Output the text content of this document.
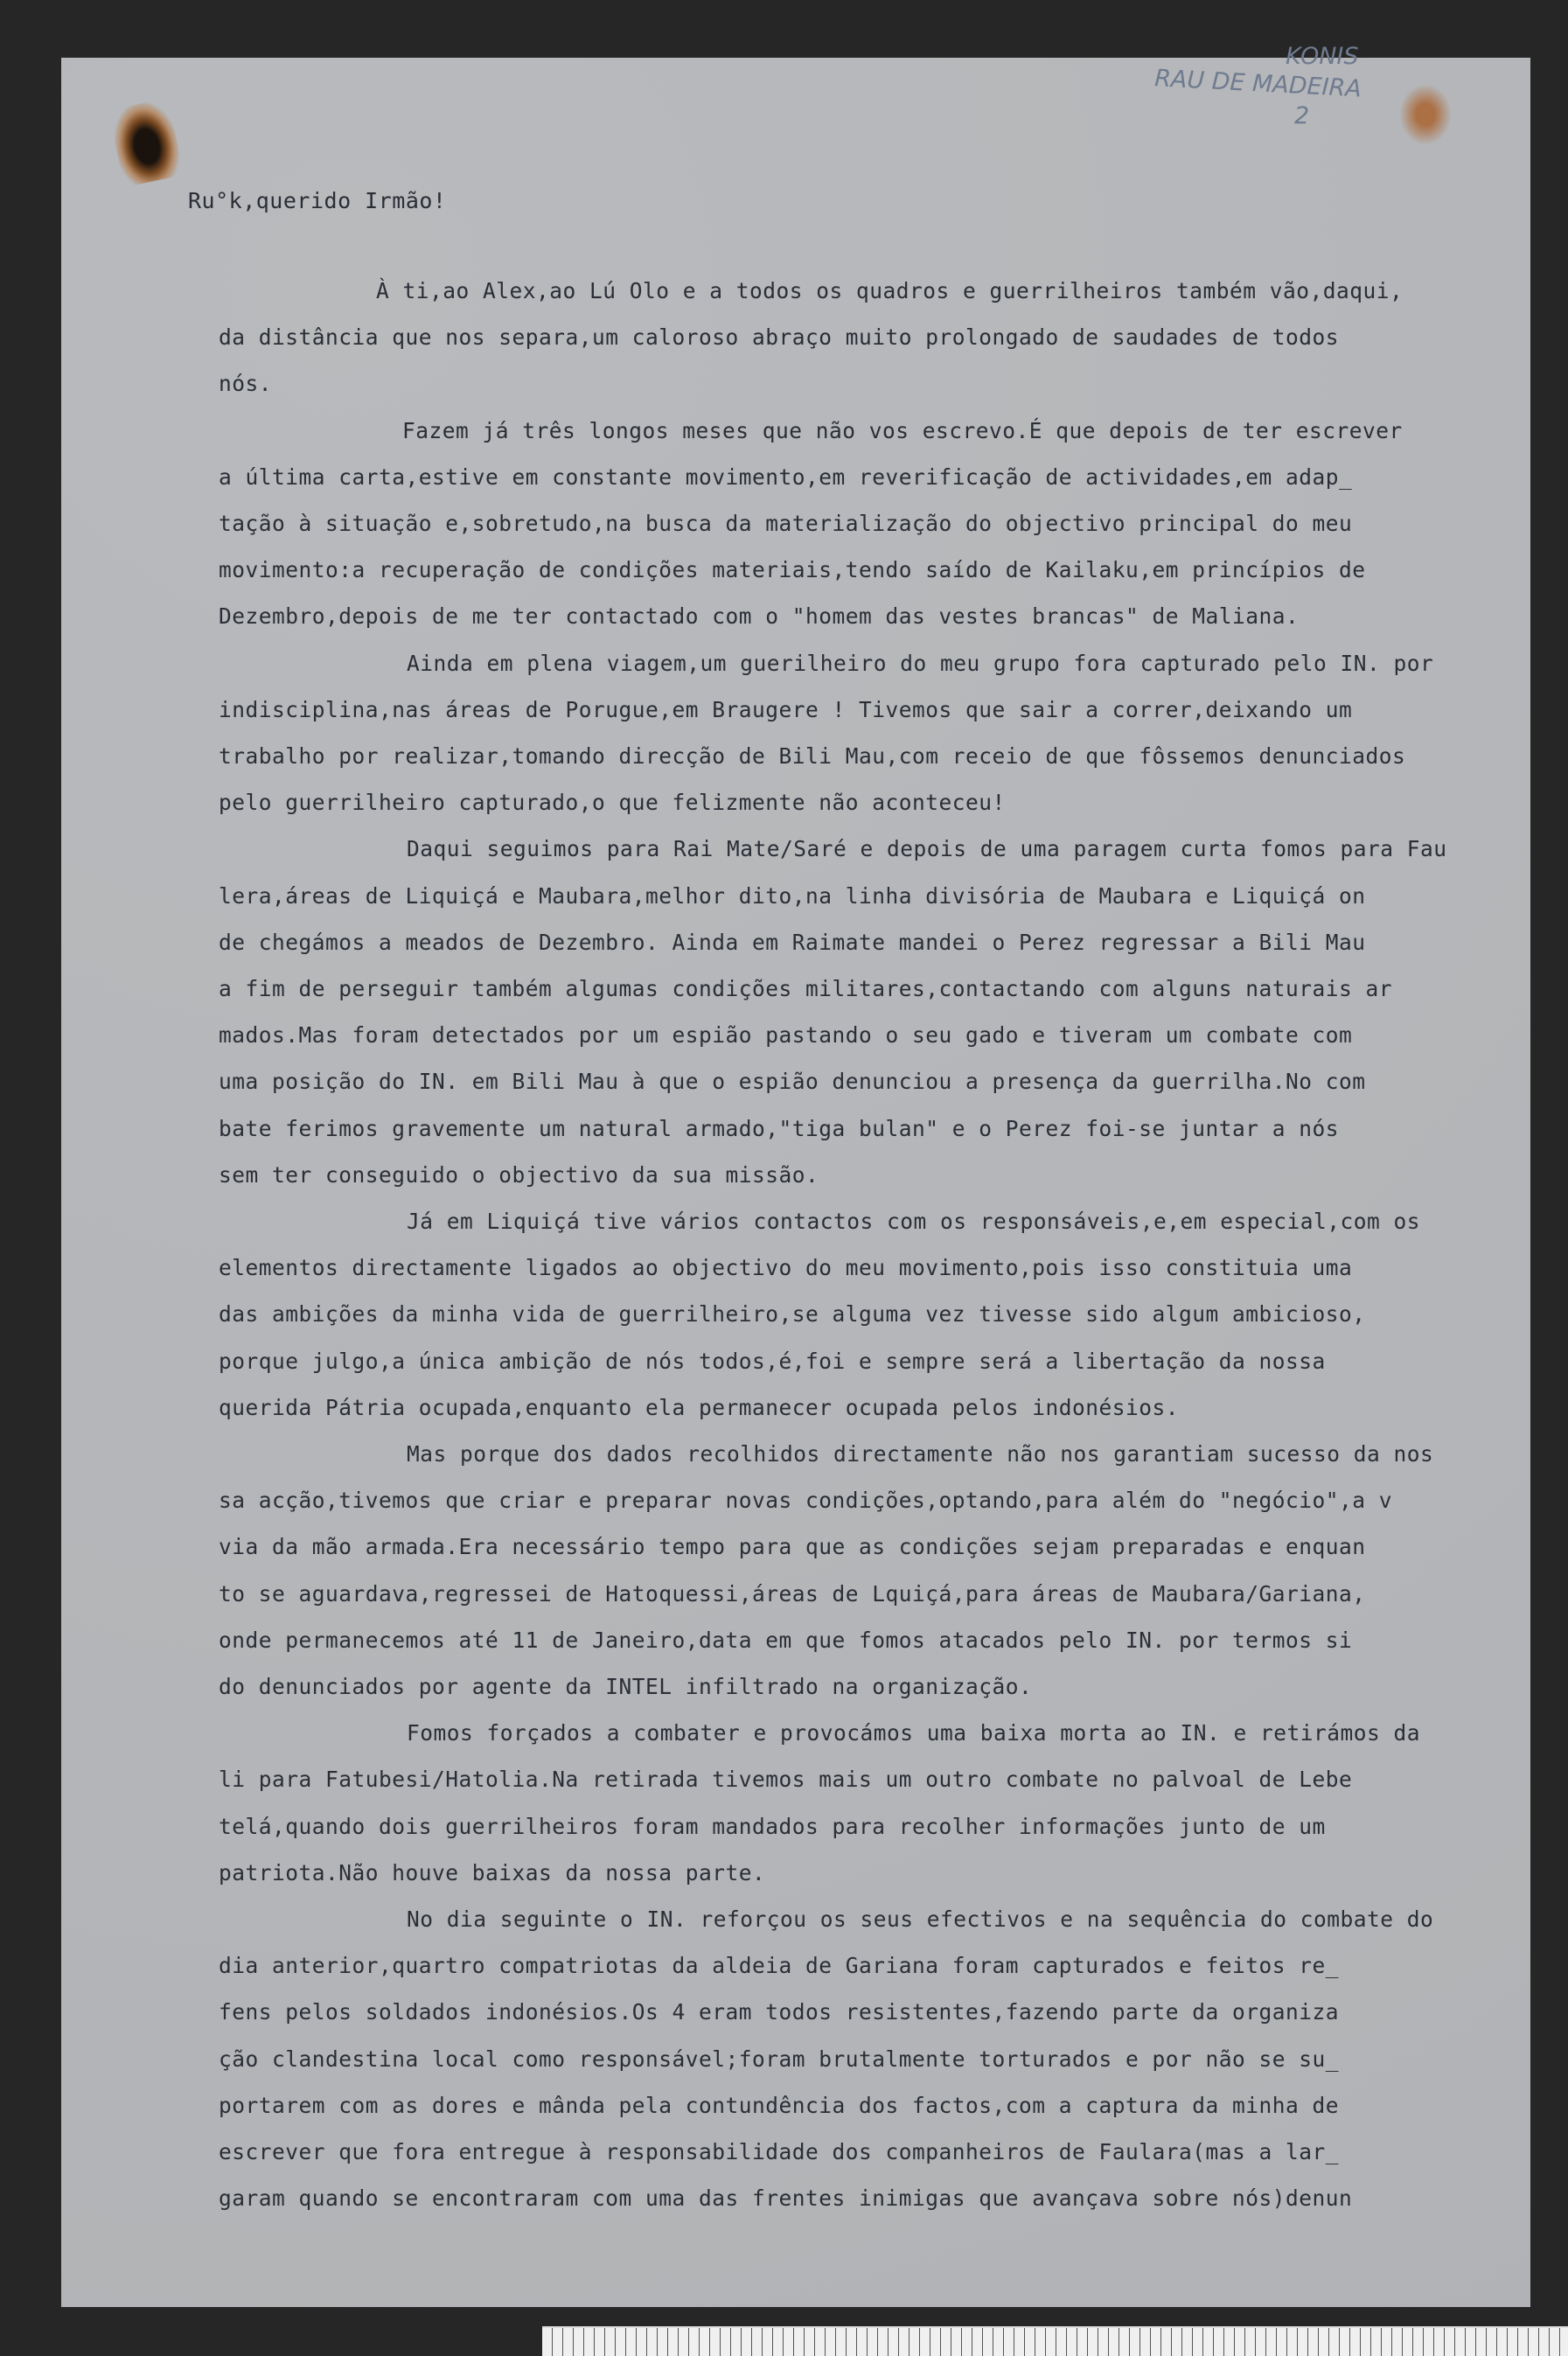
KONIS
RAU DE MADEIRA
2
Ru°k,querido Irmão!

À ti,ao Alex,ao Lú Olo e a todos os quadros e guerrilheiros também vão,daqui,

da distância que nos separa,um caloroso abraço muito prolongado de saudades de todos

nós.

Fazem já três longos meses que não vos escrevo.É que depois de ter escrever

a última carta,estive em constante movimento,em reverificação de actividades,em adap_

tação à situação e,sobretudo,na busca da materialização do objectivo principal do meu

movimento:a recuperação de condições materiais,tendo saído de Kailaku,em princípios de

Dezembro,depois de me ter contactado com o "homem das vestes brancas" de Maliana.

Ainda em plena viagem,um guerilheiro do meu grupo fora capturado pelo IN. por

indisciplina,nas áreas de Porugue,em Braugere ! Tivemos que sair a correr,deixando um

trabalho por realizar,tomando direcção de Bili Mau,com receio de que fôssemos denunciados

pelo guerrilheiro capturado,o que felizmente não aconteceu!

Daqui seguimos para Rai Mate/Saré e depois de uma paragem curta fomos para Fau

lera,áreas de Liquiçá e Maubara,melhor dito,na linha divisória de Maubara e Liquiçá on

de chegámos a meados de Dezembro. Ainda em Raimate mandei o Perez regressar a Bili Mau

a fim de perseguir também algumas condições militares,contactando com alguns naturais ar

mados.Mas foram detectados por um espião pastando o seu gado e tiveram um combate com

uma posição do IN. em Bili Mau à que o espião denunciou a presença da guerrilha.No com

bate ferimos gravemente um natural armado,"tiga bulan" e o Perez foi-se juntar a nós

sem ter conseguido o objectivo da sua missão.

Já em Liquiçá tive vários contactos com os responsáveis,e,em especial,com os

elementos directamente ligados ao objectivo do meu movimento,pois isso constituia uma

das ambições da minha vida de guerrilheiro,se alguma vez tivesse sido algum ambicioso,

porque julgo,a única ambição de nós todos,é,foi e sempre será a libertação da nossa

querida Pátria ocupada,enquanto ela permanecer ocupada pelos indonésios.

Mas porque dos dados recolhidos directamente não nos garantiam sucesso da nos

sa acção,tivemos que criar e preparar novas condições,optando,para além do "negócio",a v

via da mão armada.Era necessário tempo para que as condições sejam preparadas e enquan

to se aguardava,regressei de Hatoquessi,áreas de Lquiçá,para áreas de Maubara/Gariana,

onde permanecemos até 11 de Janeiro,data em que fomos atacados pelo IN. por termos si

do denunciados por agente da INTEL infiltrado na organização.

Fomos forçados a combater e provocámos uma baixa morta ao IN. e retirámos da

li para Fatubesi/Hatolia.Na retirada tivemos mais um outro combate no palvoal de Lebe

telá,quando dois guerrilheiros foram mandados para recolher informações junto de um

patriota.Não houve baixas da nossa parte.

No dia seguinte o IN. reforçou os seus efectivos e na sequência do combate do

dia anterior,quartro compatriotas da aldeia de Gariana foram capturados e feitos re_

fens pelos soldados indonésios.Os 4 eram todos resistentes,fazendo parte da organiza

ção clandestina local como responsável;foram brutalmente torturados e por não se su_

portarem com as dores e mânda pela contundência dos factos,com a captura da minha de

escrever que fora entregue à responsabilidade dos companheiros de Faulara(mas a lar_

garam quando se encontraram com uma das frentes inimigas que avançava sobre nós)denun
